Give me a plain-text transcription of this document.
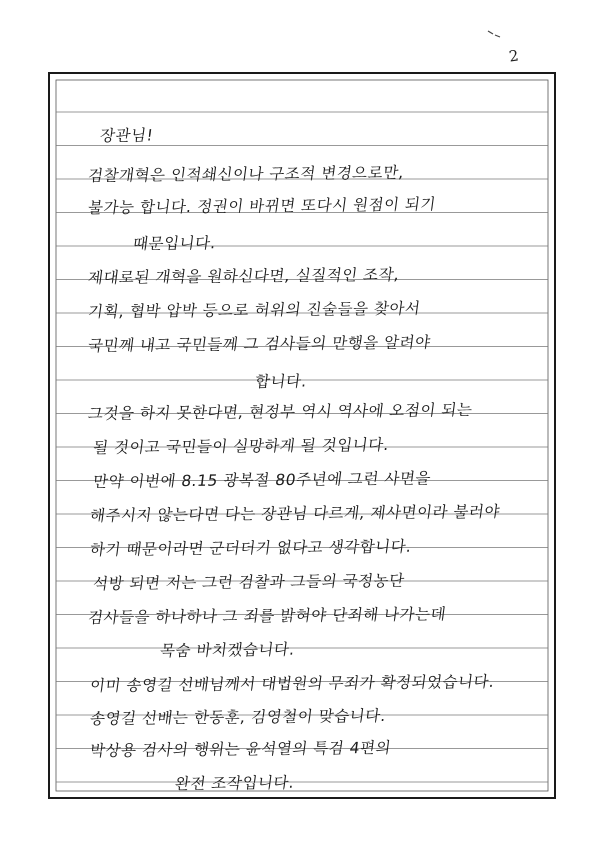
2
장관님!
검찰개혁은 인적쇄신이나 구조적 변경으로만,
불가능 합니다. 정권이 바뀌면 또다시 원점이 되기
때문입니다.
제대로된 개혁을 원하신다면, 실질적인 조작,
기획, 협박 압박 등으로 허위의 진술들을 찾아서
국민께 내고 국민들께 그 검사들의 만행을 알려야
합니다.
그것을 하지 못한다면, 현정부 역시 역사에 오점이 되는
될 것이고 국민들이 실망하게 될 것입니다.
만약 이번에 8.15 광복절 80주년에 그런 사면을
해주시지 않는다면 다는 장관님 다르게, 제사면이라 불러야
하기 때문이라면 군더더기 없다고 생각합니다.
석방 되면 저는 그런 검찰과 그들의 국정농단
검사들을 하나하나 그 죄를 밝혀야 단죄해 나가는데
목숨 바치겠습니다.
이미 송영길 선배님께서 대법원의 무죄가 확정되었습니다.
송영길 선배는 한동훈, 김영철이 맞습니다.
박상용 검사의 행위는 윤석열의 특검 4편의
완전 조작입니다.
